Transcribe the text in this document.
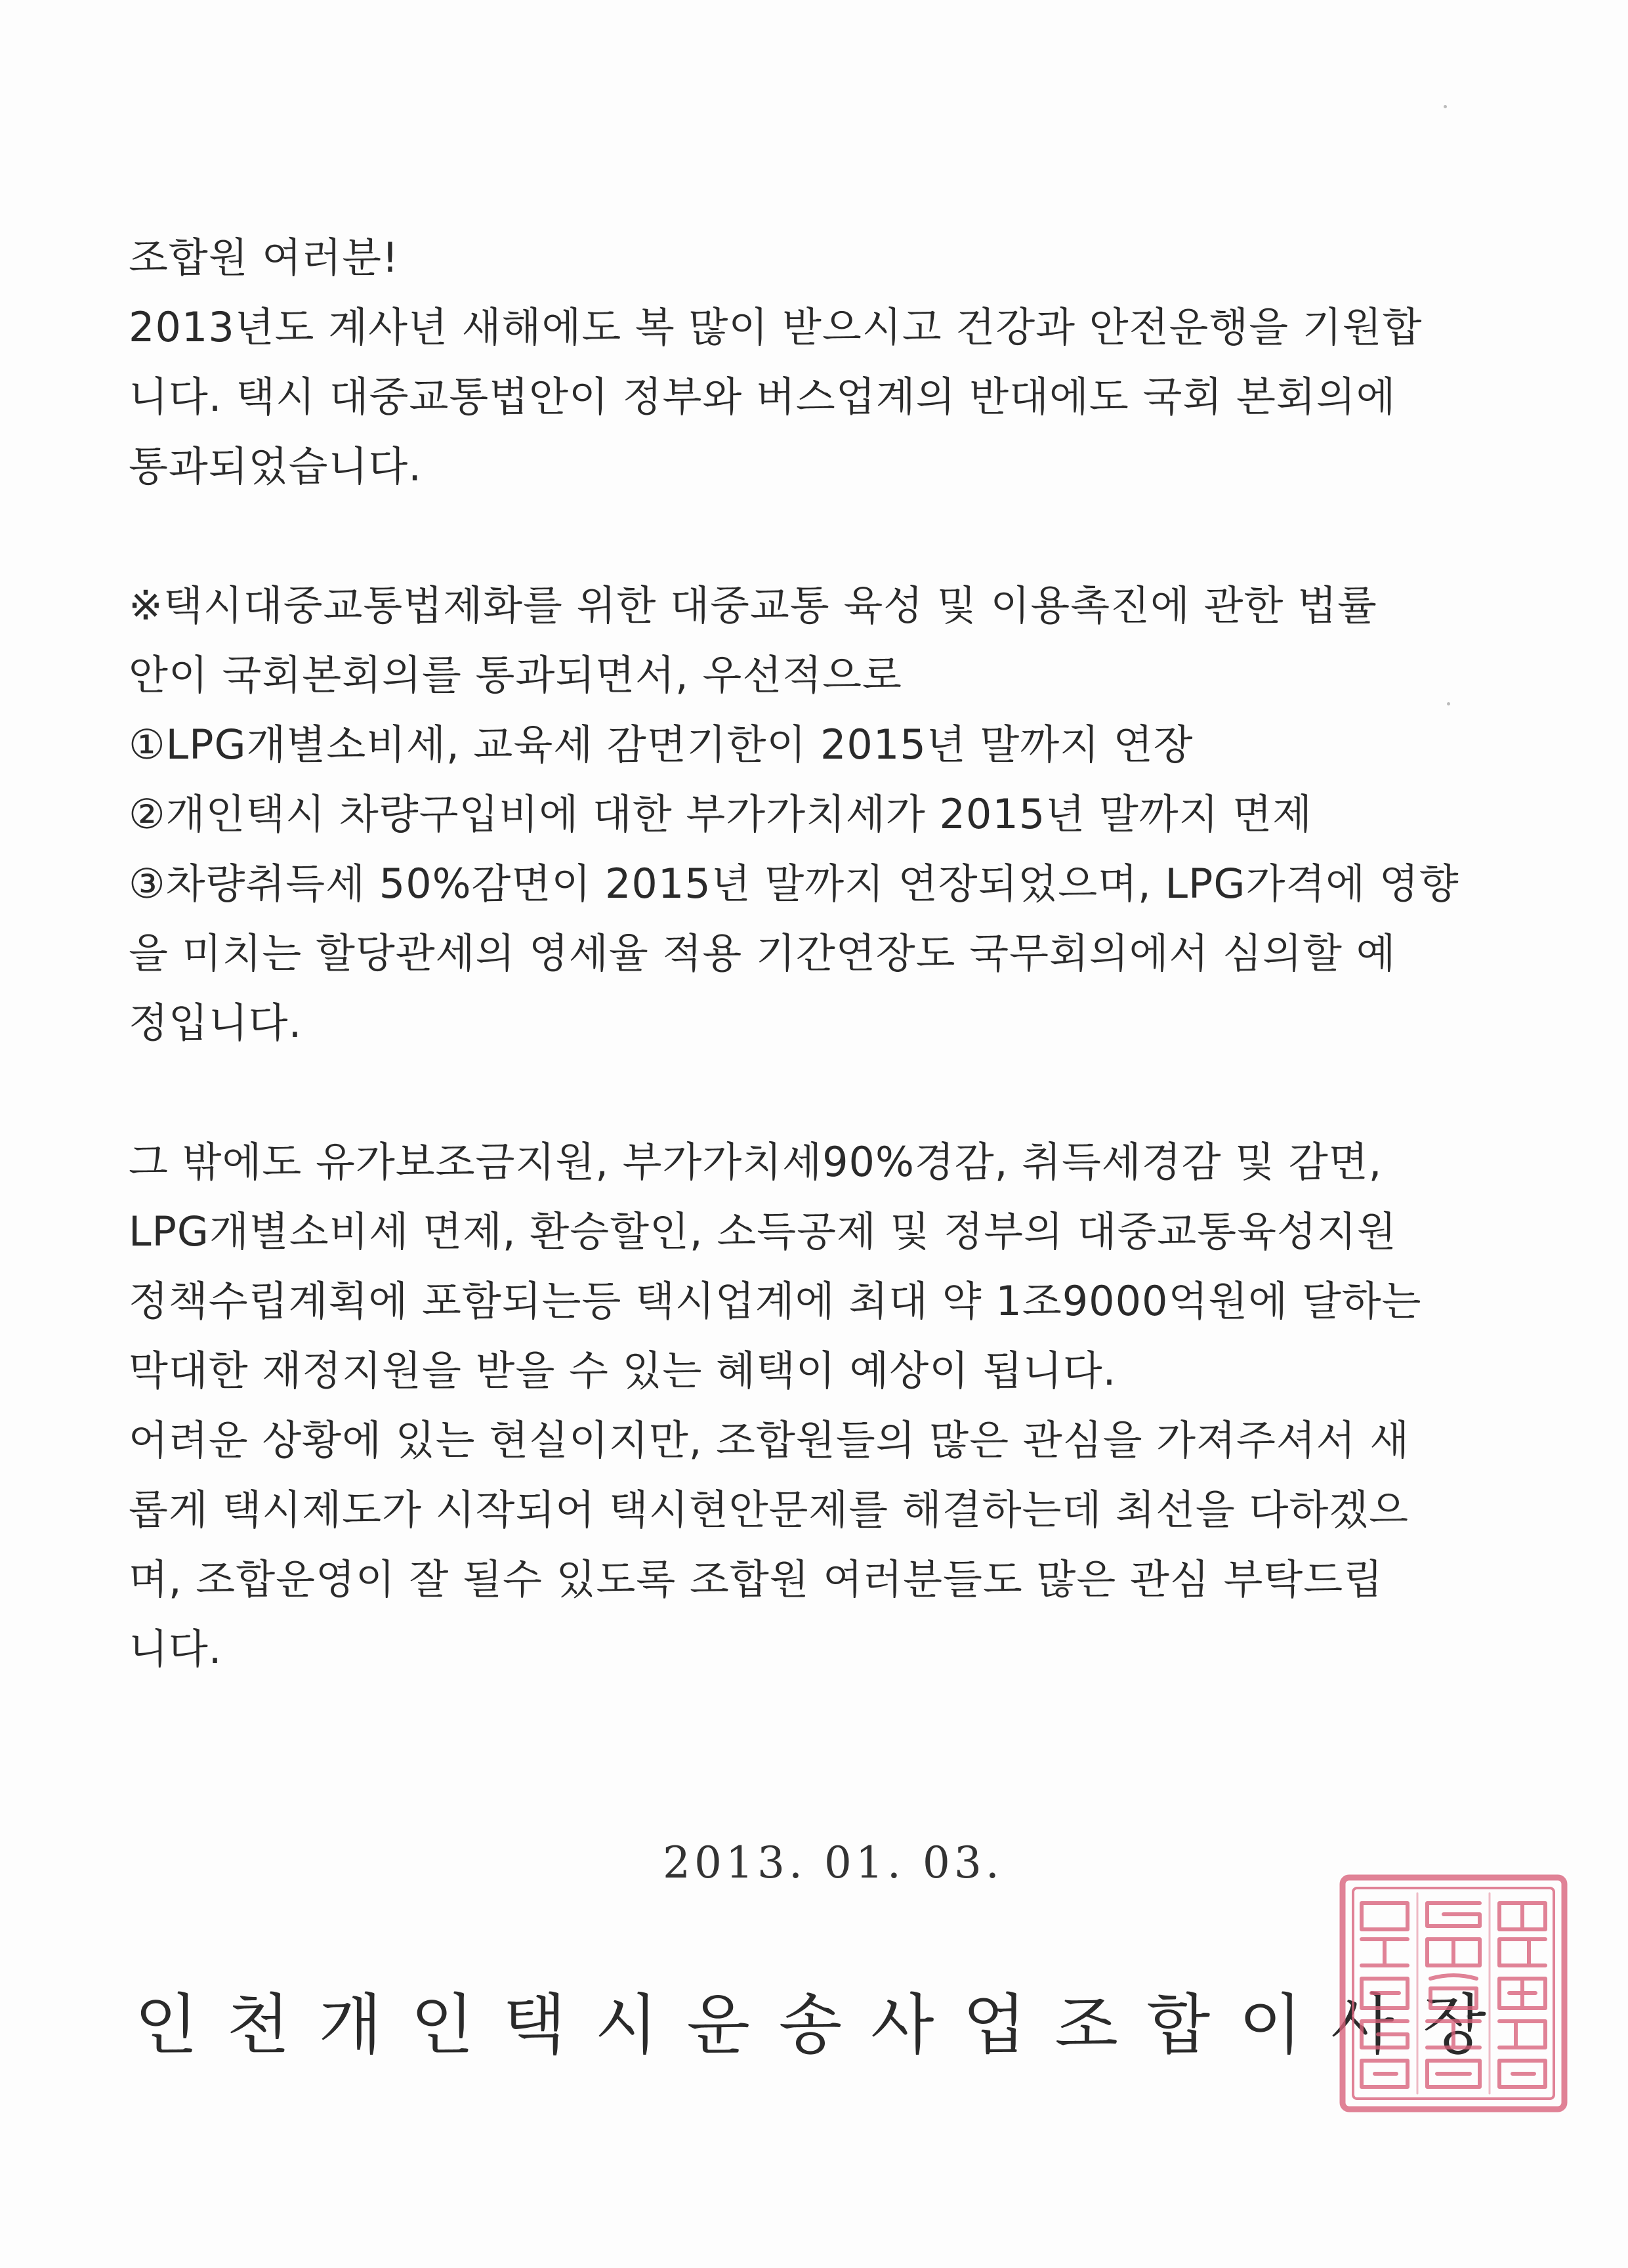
조합원 여러분!

2013년도 계사년 새해에도 복 많이 받으시고 건강과 안전운행을 기원합

니다. 택시 대중교통법안이 정부와 버스업계의 반대에도 국회 본회의에

통과되었습니다.

※택시대중교통법제화를 위한 대중교통 육성 및 이용촉진에 관한 법률

안이 국회본회의를 통과되면서, 우선적으로

①LPG개별소비세, 교육세 감면기한이 2015년 말까지 연장

②개인택시 차량구입비에 대한 부가가치세가 2015년 말까지 면제

③차량취득세 50%감면이 2015년 말까지 연장되었으며, LPG가격에 영향

을 미치는 할당관세의 영세율 적용 기간연장도 국무회의에서 심의할 예

정입니다.

그 밖에도 유가보조금지원, 부가가치세90%경감, 취득세경감 및 감면,

LPG개별소비세 면제, 환승할인, 소득공제 및 정부의 대중교통육성지원

정책수립계획에 포함되는등 택시업계에 최대 약 1조9000억원에 달하는

막대한 재정지원을 받을 수 있는 혜택이 예상이 됩니다.

어려운 상황에 있는 현실이지만, 조합원들의 많은 관심을 가져주셔서 새

롭게 택시제도가 시작되어 택시현안문제를 해결하는데 최선을 다하겠으

며, 조합운영이 잘 될수 있도록 조합원 여러분들도 많은 관심 부탁드립

니다.

2013. 01. 03.
인 천 개 인 택 시 운 송 사 업 조 합 이 사 장
